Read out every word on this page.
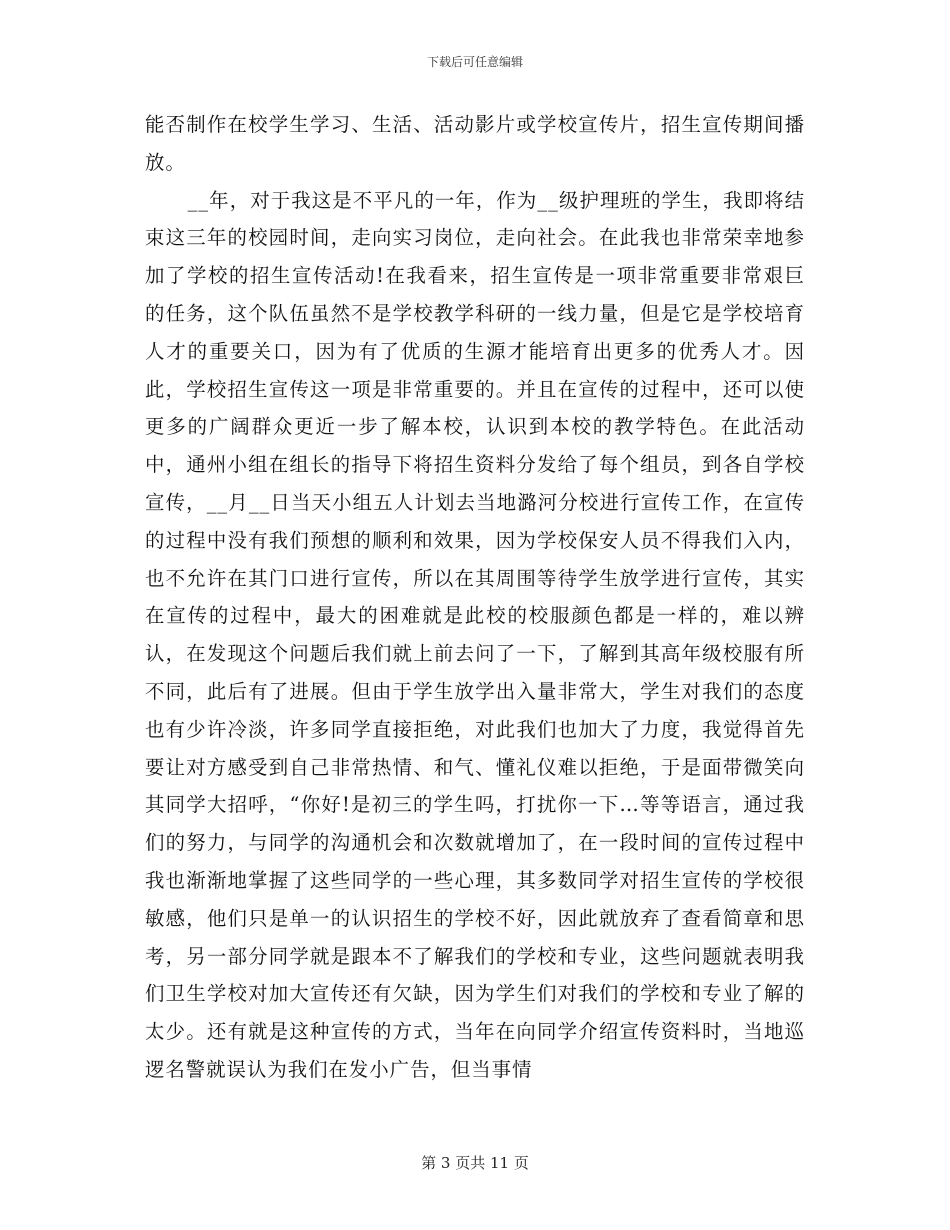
下载后可任意编辑

能否制作在校学生学习、生活、活动影片或学校宣传片，招生宣传期间播放。

__年，对于我这是不平凡的一年，作为__级护理班的学生，我即将结束这三年的校园时间，走向实习岗位，走向社会。在此我也非常荣幸地参加了学校的招生宣传活动!在我看来，招生宣传是一项非常重要非常艰巨的任务，这个队伍虽然不是学校教学科研的一线力量，但是它是学校培育人才的重要关口，因为有了优质的生源才能培育出更多的优秀人才。因此，学校招生宣传这一项是非常重要的。并且在宣传的过程中，还可以使更多的广阔群众更近一步了解本校，认识到本校的教学特色。在此活动中，通州小组在组长的指导下将招生资料分发给了每个组员，到各自学校宣传，__月__日当天小组五人计划去当地潞河分校进行宣传工作，在宣传的过程中没有我们预想的顺利和效果，因为学校保安人员不得我们入内，也不允许在其门口进行宣传，所以在其周围等待学生放学进行宣传，其实在宣传的过程中，最大的困难就是此校的校服颜色都是一样的，难以辨认，在发现这个问题后我们就上前去问了一下，了解到其高年级校服有所不同，此后有了进展。但由于学生放学出入量非常大，学生对我们的态度也有少许冷淡，许多同学直接拒绝，对此我们也加大了力度，我觉得首先要让对方感受到自己非常热情、和气、懂礼仪难以拒绝，于是面带微笑向其同学大招呼，“你好!是初三的学生吗，打扰你一下…等等语言，通过我们的努力，与同学的沟通机会和次数就增加了，在一段时间的宣传过程中我也渐渐地掌握了这些同学的一些心理，其多数同学对招生宣传的学校很敏感，他们只是单一的认识招生的学校不好，因此就放弃了查看简章和思考，另一部分同学就是跟本不了解我们的学校和专业，这些问题就表明我们卫生学校对加大宣传还有欠缺，因为学生们对我们的学校和专业了解的太少。还有就是这种宣传的方式，当年在向同学介绍宣传资料时，当地巡逻名警就误认为我们在发小广告，但当事情

第 3 页共 11 页
